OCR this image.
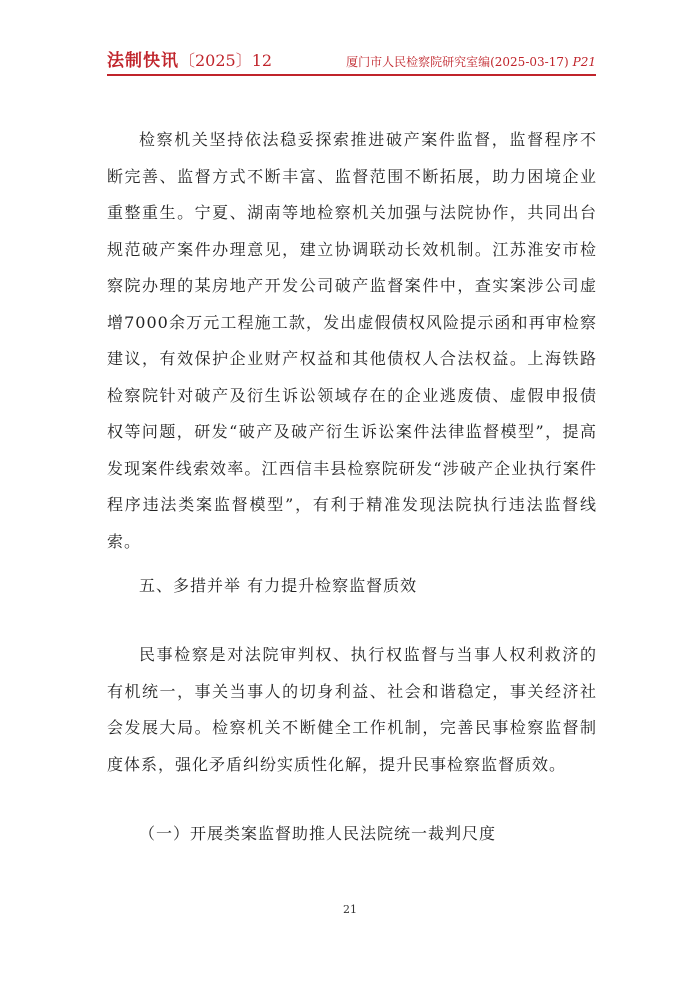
法制快讯〔2025〕12	厦门市人民检察院研究室编(2025-03-17) P21

检察机关坚持依法稳妥探索推进破产案件监督，监督程序不断完善、监督方式不断丰富、监督范围不断拓展，助力困境企业重整重生。宁夏、湖南等地检察机关加强与法院协作，共同出台规范破产案件办理意见，建立协调联动长效机制。江苏淮安市检察院办理的某房地产开发公司破产监督案件中，查实案涉公司虚增7000余万元工程施工款，发出虚假债权风险提示函和再审检察建议，有效保护企业财产权益和其他债权人合法权益。上海铁路检察院针对破产及衍生诉讼领域存在的企业逃废债、虚假申报债权等问题，研发“破产及破产衍生诉讼案件法律监督模型”，提高发现案件线索效率。江西信丰县检察院研发“涉破产企业执行案件程序违法类案监督模型”，有利于精准发现法院执行违法监督线索。

五、多措并举 有力提升检察监督质效

民事检察是对法院审判权、执行权监督与当事人权利救济的有机统一，事关当事人的切身利益、社会和谐稳定，事关经济社会发展大局。检察机关不断健全工作机制，完善民事检察监督制度体系，强化矛盾纠纷实质性化解，提升民事检察监督质效。

（一）开展类案监督助推人民法院统一裁判尺度

21
